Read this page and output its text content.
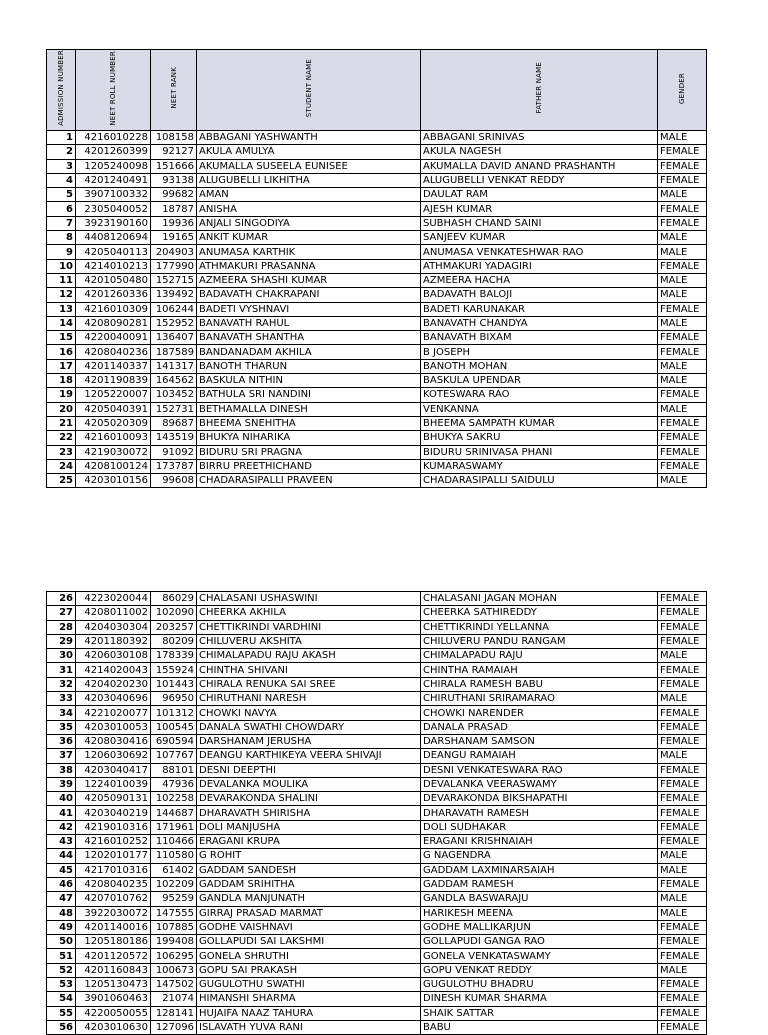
ADMISSION NUMBER	NEET ROLL NUMBER	NEET RANK	STUDENT NAME	FATHER NAME	GENDER
1	4216010228	108158	ABBAGANI YASHWANTH	ABBAGANI SRINIVAS	MALE
2	4201260399	92127	AKULA AMULYA	AKULA NAGESH	FEMALE
3	1205240098	151666	AKUMALLA SUSEELA EUNISEE	AKUMALLA DAVID ANAND PRASHANTH	FEMALE
4	4201240491	93138	ALUGUBELLI LIKHITHA	ALUGUBELLI VENKAT REDDY	FEMALE
5	3907100332	99682	AMAN	DAULAT RAM	MALE
6	2305040052	18787	ANISHA	AJESH KUMAR	FEMALE
7	3923190160	19936	ANJALI SINGODIYA	SUBHASH CHAND SAINI	FEMALE
8	4408120694	19165	ANKIT KUMAR	SANJEEV KUMAR	MALE
9	4205040113	204903	ANUMASA KARTHIK	ANUMASA VENKATESHWAR RAO	MALE
10	4214010213	177990	ATHMAKURI PRASANNA	ATHMAKURI YADAGIRI	FEMALE
11	4201050480	152715	AZMEERA SHASHI KUMAR	AZMEERA HACHA	MALE
12	4201260336	139492	BADAVATH CHAKRAPANI	BADAVATH BALOJI	MALE
13	4216010309	106244	BADETI VYSHNAVI	BADETI KARUNAKAR	FEMALE
14	4208090281	152952	BANAVATH RAHUL	BANAVATH CHANDYA	MALE
15	4220040091	136407	BANAVATH SHANTHA	BANAVATH BIXAM	FEMALE
16	4208040236	187589	BANDANADAM AKHILA	B JOSEPH	FEMALE
17	4201140337	141317	BANOTH THARUN	BANOTH MOHAN	MALE
18	4201190839	164562	BASKULA NITHIN	BASKULA UPENDAR	MALE
19	1205220007	103452	BATHULA SRI NANDINI	KOTESWARA RAO	FEMALE
20	4205040391	152731	BETHAMALLA DINESH	VENKANNA	MALE
21	4205020309	89687	BHEEMA SNEHITHA	BHEEMA SAMPATH KUMAR	FEMALE
22	4216010093	143519	BHUKYA NIHARIKA	BHUKYA SAKRU	FEMALE
23	4219030072	91092	BIDURU SRI PRAGNA	BIDURU SRINIVASA PHANI	FEMALE
24	4208100124	173787	BIRRU PREETHICHAND	KUMARASWAMY	FEMALE
25	4203010156	99608	CHADARASIPALLI PRAVEEN	CHADARASIPALLI SAIDULU	MALE
26	4223020044	86029	CHALASANI USHASWINI	CHALASANI JAGAN MOHAN	FEMALE
27	4208011002	102090	CHEERKA AKHILA	CHEERKA SATHIREDDY	FEMALE
28	4204030304	203257	CHETTIKRINDI VARDHINI	CHETTIKRINDI YELLANNA	FEMALE
29	4201180392	80209	CHILUVERU AKSHITA	CHILUVERU PANDU RANGAM	FEMALE
30	4206030108	178339	CHIMALAPADU RAJU AKASH	CHIMALAPADU RAJU	MALE
31	4214020043	155924	CHINTHA SHIVANI	CHINTHA RAMAIAH	FEMALE
32	4204020230	101443	CHIRALA RENUKA SAI SREE	CHIRALA RAMESH BABU	FEMALE
33	4203040696	96950	CHIRUTHANI NARESH	CHIRUTHANI SRIRAMARAO	MALE
34	4221020077	101312	CHOWKI NAVYA	CHOWKI NARENDER	FEMALE
35	4203010053	100545	DANALA SWATHI CHOWDARY	DANALA PRASAD	FEMALE
36	4208030416	690594	DARSHANAM JERUSHA	DARSHANAM SAMSON	FEMALE
37	1206030692	107767	DEANGU KARTHIKEYA VEERA SHIVAJI	DEANGU RAMAIAH	MALE
38	4203040417	88101	DESNI DEEPTHI	DESNI VENKATESWARA RAO	FEMALE
39	1224010039	47936	DEVALANKA MOULIKA	DEVALANKA VEERASWAMY	FEMALE
40	4205090131	102258	DEVARAKONDA SHALINI	DEVARAKONDA BIKSHAPATHI	FEMALE
41	4203040219	144687	DHARAVATH SHIRISHA	DHARAVATH RAMESH	FEMALE
42	4219010316	171961	DOLI MANJUSHA	DOLI SUDHAKAR	FEMALE
43	4216010252	110466	ERAGANI KRUPA	ERAGANI KRISHNAIAH	FEMALE
44	1202010177	110580	G ROHIT	G NAGENDRA	MALE
45	4217010316	61402	GADDAM SANDESH	GADDAM LAXMINARSAIAH	MALE
46	4208040235	102209	GADDAM SRIHITHA	GADDAM RAMESH	FEMALE
47	4207010762	95259	GANDLA MANJUNATH	GANDLA BASWARAJU	MALE
48	3922030072	147555	GIRRAJ PRASAD MARMAT	HARIKESH MEENA	MALE
49	4201140016	107885	GODHE VAISHNAVI	GODHE MALLIKARJUN	FEMALE
50	1205180186	199408	GOLLAPUDI SAI LAKSHMI	GOLLAPUDI GANGA RAO	FEMALE
51	4201120572	106295	GONELA SHRUTHI	GONELA VENKATASWAMY	FEMALE
52	4201160843	100673	GOPU SAI PRAKASH	GOPU VENKAT REDDY	MALE
53	1205130473	147502	GUGULOTHU SWATHI	GUGULOTHU BHADRU	FEMALE
54	3901060463	21074	HIMANSHI SHARMA	DINESH KUMAR SHARMA	FEMALE
55	4220050055	128141	HUJAIFA NAAZ TAHURA	SHAIK SATTAR	FEMALE
56	4203010630	127096	ISLAVATH YUVA RANI	BABU	FEMALE
